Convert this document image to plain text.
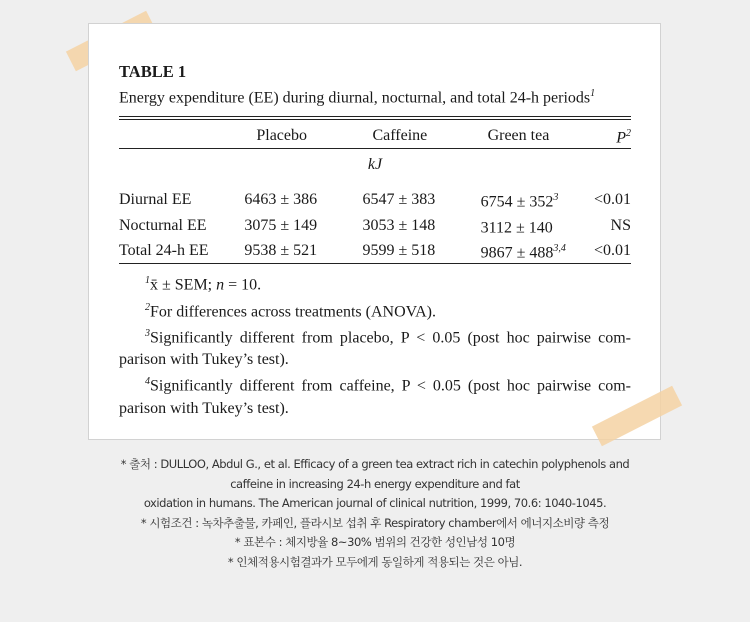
TABLE 1
Energy expenditure (EE) during diurnal, nocturnal, and total 24-h periods$^1$
	Placebo	Caffeine	Green tea	$P^2$

kJ				

Diurnal EE	6463 ± 386	6547 ± 383	$6754 \pm 352^3$	<0.01
Nocturnal EE	3075 ± 149	3053 ± 148	3112 ± 140	NS
Total 24-h EE	9538 ± 521	9599 ± 518	$9867 \pm 488^{3,4}$	<0.01

$^1$x̄ ± SEM; n = 10.
$^2$For differences across treatments (ANOVA).
$^3$Significantly different from placebo, P < 0.05 (post hoc pairwise com-
parison with Tukey’s test).
$^4$Significantly different from caffeine, P < 0.05 (post hoc pairwise com-
parison with Tukey’s test).
* 출처 : DULLOO, Abdul G., et al. Efficacy of a green tea extract rich in catechin polyphenols and
caffeine in increasing 24-h energy expenditure and fat
oxidation in humans. The American journal of clinical nutrition, 1999, 70.6: 1040-1045.
* 시험조건 : 녹차추출물, 카페인, 플라시보 섭취 후 Respiratory chamber에서 에너지소비량 측정
* 표본수 : 체지방율 8~30% 범위의 건강한 성인남성 10명
* 인체적용시험결과가 모두에게 동일하게 적용되는 것은 아님.
